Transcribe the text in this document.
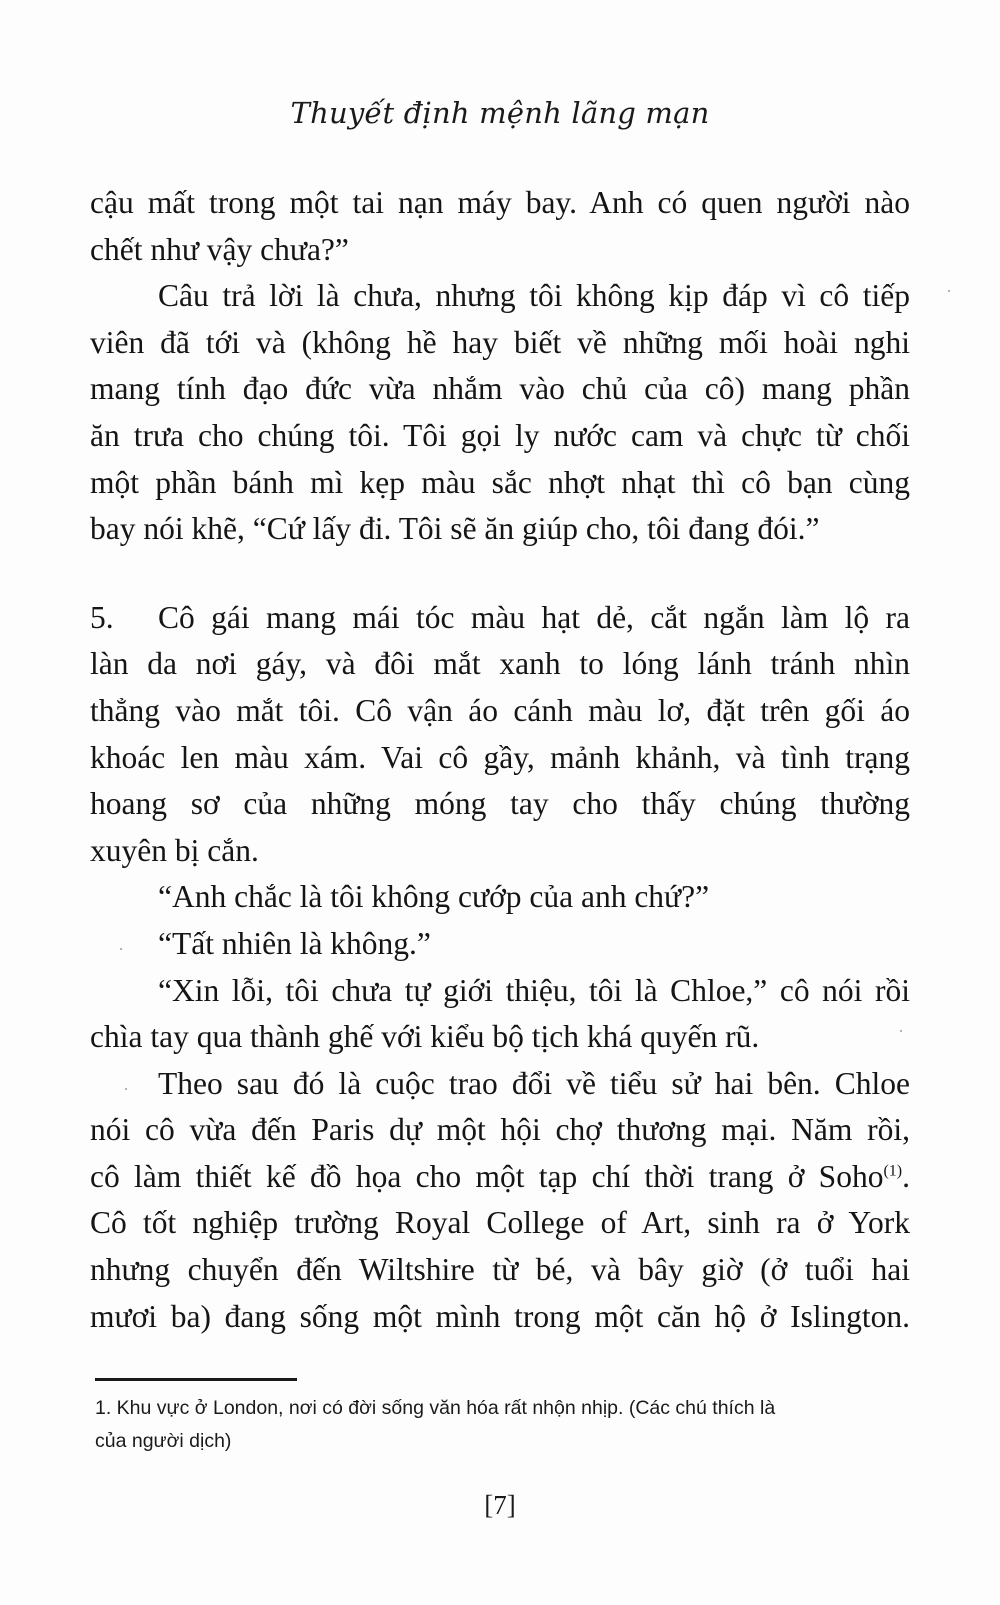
Thuyết định mệnh lãng mạn
cậu mất trong một tai nạn máy bay. Anh có quen người nào
chết như vậy chưa?”
Câu trả lời là chưa, nhưng tôi không kịp đáp vì cô tiếp
viên đã tới và (không hề hay biết về những mối hoài nghi
mang tính đạo đức vừa nhắm vào chủ của cô) mang phần
ăn trưa cho chúng tôi. Tôi gọi ly nước cam và chực từ chối
một phần bánh mì kẹp màu sắc nhợt nhạt thì cô bạn cùng
bay nói khẽ, “Cứ lấy đi. Tôi sẽ ăn giúp cho, tôi đang đói.”
5. Cô gái mang mái tóc màu hạt dẻ, cắt ngắn làm lộ ra
làn da nơi gáy, và đôi mắt xanh to lóng lánh tránh nhìn
thẳng vào mắt tôi. Cô vận áo cánh màu lơ, đặt trên gối áo
khoác len màu xám. Vai cô gầy, mảnh khảnh, và tình trạng
hoang sơ của những móng tay cho thấy chúng thường
xuyên bị cắn.
“Anh chắc là tôi không cướp của anh chứ?”
“Tất nhiên là không.”
“Xin lỗi, tôi chưa tự giới thiệu, tôi là Chloe,” cô nói rồi
chìa tay qua thành ghế với kiểu bộ tịch khá quyến rũ.
Theo sau đó là cuộc trao đổi về tiểu sử hai bên. Chloe
nói cô vừa đến Paris dự một hội chợ thương mại. Năm rồi,
cô làm thiết kế đồ họa cho một tạp chí thời trang ở Soho$^{(1)}$.
Cô tốt nghiệp trường Royal College of Art, sinh ra ở York
nhưng chuyển đến Wiltshire từ bé, và bây giờ (ở tuổi hai
mươi ba) đang sống một mình trong một căn hộ ở Islington.
1. Khu vực ở London, nơi có đời sống văn hóa rất nhộn nhịp. (Các chú thích là
của người dịch)
[7]
